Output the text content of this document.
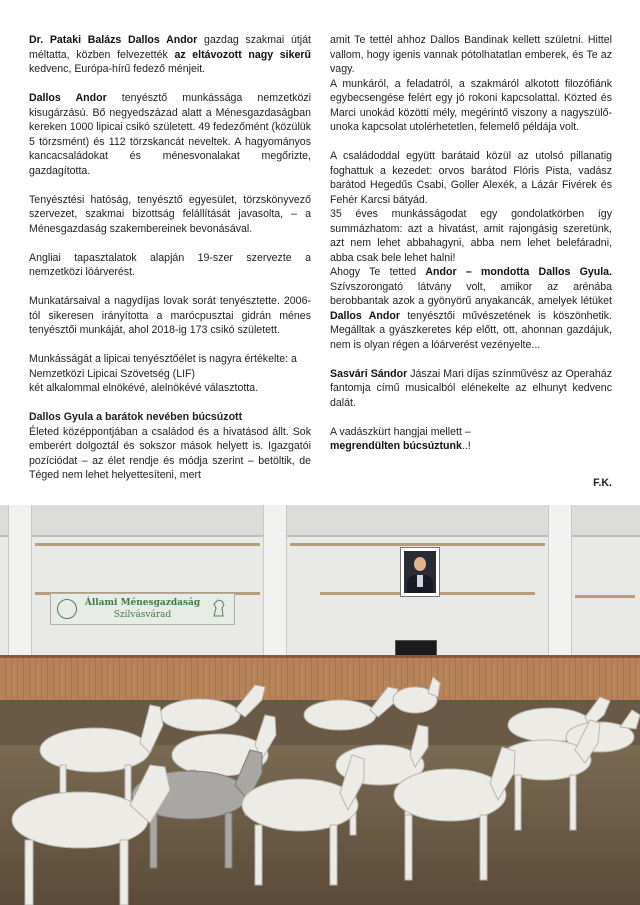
Dr. Pataki Balázs Dallos Andor gazdag szakmai útját méltatta, közben felvezették az eltávozott nagy sikerű kedvenc, Európa-hírű fedező ménjeit.

Dallos Andor tenyésztő munkássága nemzetközi kisugárzású. Bő negyedszázad alatt a Ménesgazdaságban kereken 1000 lipicai csikó született. 49 fedezőmént (közülük 5 törzsmént) és 112 törzskancát neveltek. A hagyományos kancacsaládokat és ménesvonalakat megőrizte, gazdagította.

Tenyésztési hatóság, tenyésztő egyesület, törzskönyvező szervezet, szakmai bizottság felállítását javasolta, – a Ménesgazdaság szakembereinek bevonásával.

Angliai tapasztalatok alapján 19-szer szervezte a nemzetközi lóárverést.

Munkatársaival a nagydíjas lovak sorát tenyésztette. 2006-tól sikeresen irányította a marócpusztai gidrán ménes tenyésztői munkáját, ahol 2018-ig 173 csikó született.

Munkásságát a lipicai tenyésztőélet is nagyra értékelte: a Nemzetközi Lipicai Szövetség (LIF)
két alkalommal elnökévé, alelnökévé választotta.

Dallos Gyula a barátok nevében búcsúzott

Életed középpontjában a családod és a hivatásod állt. Sok emberért dolgoztál és sokszor mások helyett is. Igazgatói pozíciódat – az élet rendje és módja szerint – betöltik, de Téged nem lehet helyettesíteni, mert

amit Te tettél ahhoz Dallos Bandinak kellett születni. Hittel vallom, hogy igenis vannak pótolhatatlan emberek, és Te az vagy.

A munkáról, a feladatról, a szakmáról alkotott filozófiánk egybecsengése felért egy jó rokoni kapcsolattal. Közted és Marci unokád közötti mély, megérintő viszony a nagyszülő-unoka kapcsolat utolérhetetlen, felemelő példája volt.

A családoddal együtt barátaid közül az utolsó pillanatig foghattuk a kezedet: orvos barátod Flóris Pista, vadász barátod Hegedűs Csabi, Goller Alexék, a Lázár Fivérek és Fehér Karcsi bátyád.

35 éves munkásságodat egy gondolatkörben így summázhatom: azt a hivatást, amit rajongásig szeretünk, azt nem lehet abbahagyni, abba nem lehet belefáradni, abba csak bele lehet halni!

Ahogy Te tetted Andor – mondotta Dallos Gyula. Szívszorongató látvány volt, amikor az arénába berobbantak azok a gyönyörű anyakancák, amelyek létüket Dallos Andor tenyésztői művészetének is köszönhetik. Megálltak a gyászkeretes kép előtt, ott, ahonnan gazdájuk, nem is olyan régen a lóárverést vezényelte...

Sasvári Sándor Jászai Mari díjas színművész az Operaház fantomja című musicalból elénekelte az elhunyt kedvenc dalát.

A vadászkürt hangjai mellett –
megrendülten búcsúztunk..!

F.K.
Állami Ménesgazdaság
Szilvásvárad
